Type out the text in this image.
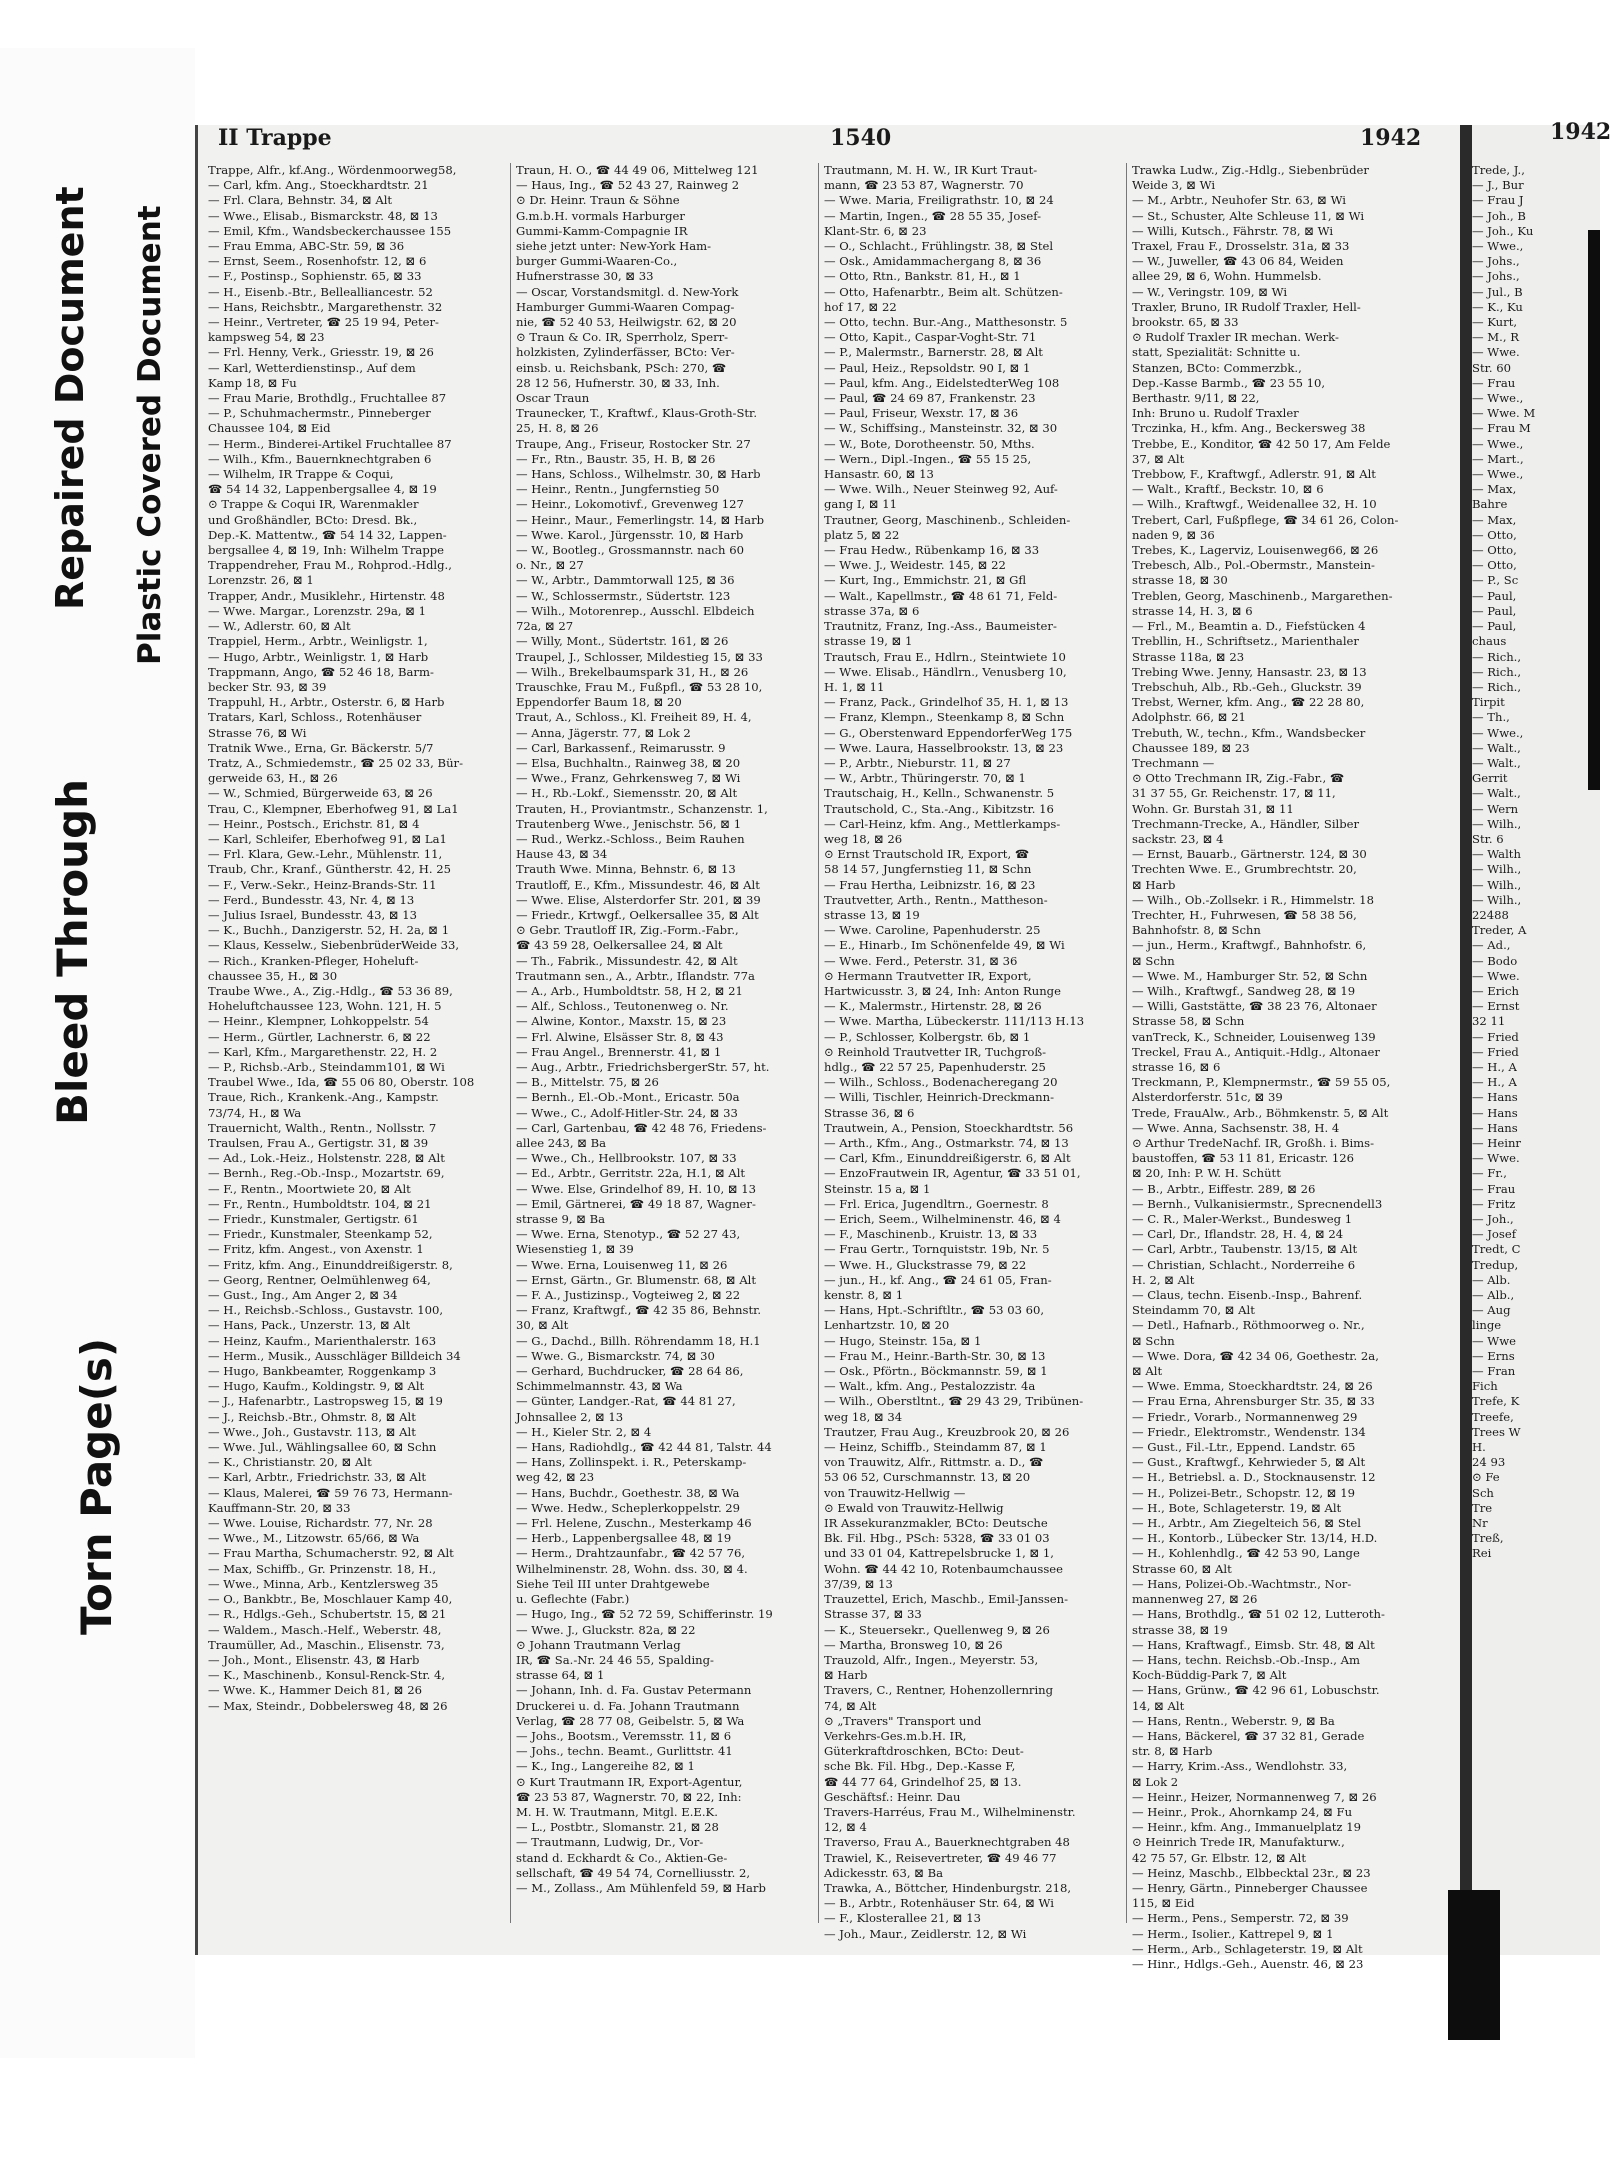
Torn Page(s)
Bleed Through
Repaired Document Plastic Covered Document
II Trappe	1540	1942

Trappe, Alfr., kf.Ang., Wördenmoorweg58,

— Carl, kfm. Ang., Stoeckhardtstr. 21

— Frl. Clara, Behnstr. 34, ⊠ Alt

— Wwe., Elisab., Bismarckstr. 48, ⊠ 13

— Emil, Kfm., Wandsbeckerchaussee 155

— Frau Emma, ABC-Str. 59, ⊠ 36

— Ernst, Seem., Rosenhofstr. 12, ⊠ 6

— F., Postinsp., Sophienstr. 65, ⊠ 33

— H., Eisenb.-Btr., Bellealliancestr. 52

— Hans, Reichsbtr., Margarethenstr. 32

— Heinr., Vertreter, ☎ 25 19 94, Peter-

kampsweg 54, ⊠ 23

— Frl. Henny, Verk., Griesstr. 19, ⊠ 26

— Karl, Wetterdienstinsp., Auf dem

Kamp 18, ⊠ Fu

— Frau Marie, Brothdlg., Fruchtallee 87

— P., Schuhmachermstr., Pinneberger

Chaussee 104, ⊠ Eid

— Herm., Binderei-Artikel Fruchtallee 87

— Wilh., Kfm., Bauernknechtgraben 6

— Wilhelm, IR Trappe & Coqui,

☎ 54 14 32, Lappenbergsallee 4, ⊠ 19

⊙ Trappe & Coqui IR, Warenmakler

und Großhändler, BCto: Dresd. Bk.,

Dep.-K. Mattentw., ☎ 54 14 32, Lappen-

bergsallee 4, ⊠ 19, Inh: Wilhelm Trappe

Trappendreher, Frau M., Rohprod.-Hdlg.,

Lorenzstr. 26, ⊠ 1

Trapper, Andr., Musiklehr., Hirtenstr. 48

— Wwe. Margar., Lorenzstr. 29a, ⊠ 1

— W., Adlerstr. 60, ⊠ Alt

Trappiel, Herm., Arbtr., Weinligstr. 1,

— Hugo, Arbtr., Weinligstr. 1, ⊠ Harb

Trappmann, Ango, ☎ 52 46 18, Barm-

becker Str. 93, ⊠ 39

Trappuhl, H., Arbtr., Osterstr. 6, ⊠ Harb

Tratars, Karl, Schloss., Rotenhäuser

Strasse 76, ⊠ Wi

Tratnik Wwe., Erna, Gr. Bäckerstr. 5/7

Tratz, A., Schmiedemstr., ☎ 25 02 33, Bür-

gerweide 63, H., ⊠ 26

— W., Schmied, Bürgerweide 63, ⊠ 26

Trau, C., Klempner, Eberhofweg 91, ⊠ La1

— Heinr., Postsch., Erichstr. 81, ⊠ 4

— Karl, Schleifer, Eberhofweg 91, ⊠ La1

— Frl. Klara, Gew.-Lehr., Mühlenstr. 11,

Traub, Chr., Kranf., Güntherstr. 42, H. 25

— F., Verw.-Sekr., Heinz-Brands-Str. 11

— Ferd., Bundesstr. 43, Nr. 4, ⊠ 13

— Julius Israel, Bundesstr. 43, ⊠ 13

— K., Buchh., Danzigerstr. 52, H. 2a, ⊠ 1

— Klaus, Kesselw., SiebenbrüderWeide 33,

— Rich., Kranken-Pfleger, Hoheluft-

chaussee 35, H., ⊠ 30

Traube Wwe., A., Zig.-Hdlg., ☎ 53 36 89,

Hoheluftchaussee 123, Wohn. 121, H. 5

— Heinr., Klempner, Lohkoppelstr. 54

— Herm., Gürtler, Lachnerstr. 6, ⊠ 22

— Karl, Kfm., Margarethenstr. 22, H. 2

— P., Richsb.-Arb., Steindamm101, ⊠ Wi

Traubel Wwe., Ida, ☎ 55 06 80, Oberstr. 108

Traue, Rich., Krankenk.-Ang., Kampstr.

73/74, H., ⊠ Wa

Trauernicht, Walth., Rentn., Nollsstr. 7

Traulsen, Frau A., Gertigstr. 31, ⊠ 39

— Ad., Lok.-Heiz., Holstenstr. 228, ⊠ Alt

— Bernh., Reg.-Ob.-Insp., Mozartstr. 69,

— F., Rentn., Moortwiete 20, ⊠ Alt

— Fr., Rentn., Humboldtstr. 104, ⊠ 21

— Friedr., Kunstmaler, Gertigstr. 61

— Friedr., Kunstmaler, Steenkamp 52,

— Fritz, kfm. Angest., von Axenstr. 1

— Fritz, kfm. Ang., Einunddreißigerstr. 8,

— Georg, Rentner, Oelmühlenweg 64,

— Gust., Ing., Am Anger 2, ⊠ 34

— H., Reichsb.-Schloss., Gustavstr. 100,

— Hans, Pack., Unzerstr. 13, ⊠ Alt

— Heinz, Kaufm., Marienthalerstr. 163

— Herm., Musik., Ausschläger Billdeich 34

— Hugo, Bankbeamter, Roggenkamp 3

— Hugo, Kaufm., Koldingstr. 9, ⊠ Alt

— J., Hafenarbtr., Lastropsweg 15, ⊠ 19

— J., Reichsb.-Btr., Ohmstr. 8, ⊠ Alt

— Wwe., Joh., Gustavstr. 113, ⊠ Alt

— Wwe. Jul., Wählingsallee 60, ⊠ Schn

— K., Christianstr. 20, ⊠ Alt

— Karl, Arbtr., Friedrichstr. 33, ⊠ Alt

— Klaus, Malerei, ☎ 59 76 73, Hermann-

Kauffmann-Str. 20, ⊠ 33

— Wwe. Louise, Richardstr. 77, Nr. 28

— Wwe., M., Litzowstr. 65/66, ⊠ Wa

— Frau Martha, Schumacherstr. 92, ⊠ Alt

— Max, Schiffb., Gr. Prinzenstr. 18, H.,

— Wwe., Minna, Arb., Kentzlersweg 35

— O., Bankbtr., Be, Moschlauer Kamp 40,

— R., Hdlgs.-Geh., Schubertstr. 15, ⊠ 21

— Waldem., Masch.-Helf., Weberstr. 48,

Traumüller, Ad., Maschin., Elisenstr. 73,

— Joh., Mont., Elisenstr. 43, ⊠ Harb

— K., Maschinenb., Konsul-Renck-Str. 4,

— Wwe. K., Hammer Deich 81, ⊠ 26

— Max, Steindr., Dobbelersweg 48, ⊠ 26

Traun, H. O., ☎ 44 49 06, Mittelweg 121

— Haus, Ing., ☎ 52 43 27, Rainweg 2

⊙ Dr. Heinr. Traun & Söhne

G.m.b.H. vormals Harburger

Gummi-Kamm-Compagnie IR

siehe jetzt unter: New-York Ham-

burger Gummi-Waaren-Co.,

Hufnerstrasse 30, ⊠ 33

— Oscar, Vorstandsmitgl. d. New-York

Hamburger Gummi-Waaren Compag-

nie, ☎ 52 40 53, Heilwigstr. 62, ⊠ 20

⊙ Traun & Co. IR, Sperrholz, Sperr-

holzkisten, Zylinderfässer, BCto: Ver-

einsb. u. Reichsbank, PSch: 270, ☎

28 12 56, Hufnerstr. 30, ⊠ 33, Inh.

Oscar Traun

Traunecker, T., Kraftwf., Klaus-Groth-Str.

25, H. 8, ⊠ 26

Traupe, Ang., Friseur, Rostocker Str. 27

— Fr., Rtn., Baustr. 35, H. B, ⊠ 26

— Hans, Schloss., Wilhelmstr. 30, ⊠ Harb

— Heinr., Rentn., Jungfernstieg 50

— Heinr., Lokomotivf., Grevenweg 127

— Heinr., Maur., Femerlingstr. 14, ⊠ Harb

— Wwe. Karol., Jürgensstr. 10, ⊠ Harb

— W., Bootleg., Grossmannstr. nach 60

o. Nr., ⊠ 27

— W., Arbtr., Dammtorwall 125, ⊠ 36

— W., Schlossermstr., Südertstr. 123

— Wilh., Motorenrep., Ausschl. Elbdeich

72a, ⊠ 27

— Willy, Mont., Südertstr. 161, ⊠ 26

Traupel, J., Schlosser, Mildestieg 15, ⊠ 33

— Wilh., Brekelbaumspark 31, H., ⊠ 26

Trauschke, Frau M., Fußpfl., ☎ 53 28 10,

Eppendorfer Baum 18, ⊠ 20

Traut, A., Schloss., Kl. Freiheit 89, H. 4,

— Anna, Jägerstr. 77, ⊠ Lok 2

— Carl, Barkassenf., Reimarusstr. 9

— Elsa, Buchhaltn., Rainweg 38, ⊠ 20

— Wwe., Franz, Gehrkensweg 7, ⊠ Wi

— H., Rb.-Lokf., Siemensstr. 20, ⊠ Alt

Trauten, H., Proviantmstr., Schanzenstr. 1,

Trautenberg Wwe., Jenischstr. 56, ⊠ 1

— Rud., Werkz.-Schloss., Beim Rauhen

Hause 43, ⊠ 34

Trauth Wwe. Minna, Behnstr. 6, ⊠ 13

Trautloff, E., Kfm., Missundestr. 46, ⊠ Alt

— Wwe. Elise, Alsterdorfer Str. 201, ⊠ 39

— Friedr., Krtwgf., Oelkersallee 35, ⊠ Alt

⊙ Gebr. Trautloff IR, Zig.-Form.-Fabr.,

☎ 43 59 28, Oelkersallee 24, ⊠ Alt

— Th., Fabrik., Missundestr. 42, ⊠ Alt

Trautmann sen., A., Arbtr., Iflandstr. 77a

— A., Arb., Humboldtstr. 58, H 2, ⊠ 21

— Alf., Schloss., Teutonenweg o. Nr.

— Alwine, Kontor., Maxstr. 15, ⊠ 23

— Frl. Alwine, Elsässer Str. 8, ⊠ 43

— Frau Angel., Brennerstr. 41, ⊠ 1

— Aug., Arbtr., FriedrichsbergerStr. 57, ht.

— B., Mittelstr. 75, ⊠ 26

— Bernh., El.-Ob.-Mont., Ericastr. 50a

— Wwe., C., Adolf-Hitler-Str. 24, ⊠ 33

— Carl, Gartenbau, ☎ 42 48 76, Friedens-

allee 243, ⊠ Ba

— Wwe., Ch., Hellbrookstr. 107, ⊠ 33

— Ed., Arbtr., Gerritstr. 22a, H.1, ⊠ Alt

— Wwe. Else, Grindelhof 89, H. 10, ⊠ 13

— Emil, Gärtnerei, ☎ 49 18 87, Wagner-

strasse 9, ⊠ Ba

— Wwe. Erna, Stenotyp., ☎ 52 27 43,

Wiesenstieg 1, ⊠ 39

— Wwe. Erna, Louisenweg 11, ⊠ 26

— Ernst, Gärtn., Gr. Blumenstr. 68, ⊠ Alt

— F. A., Justizinsp., Vogteiweg 2, ⊠ 22

— Franz, Kraftwgf., ☎ 42 35 86, Behnstr.

30, ⊠ Alt

— G., Dachd., Billh. Röhrendamm 18, H.1

— Wwe. G., Bismarckstr. 74, ⊠ 30

— Gerhard, Buchdrucker, ☎ 28 64 86,

Schimmelmannstr. 43, ⊠ Wa

— Günter, Landger.-Rat, ☎ 44 81 27,

Johnsallee 2, ⊠ 13

— H., Kieler Str. 2, ⊠ 4

— Hans, Radiohdlg., ☎ 42 44 81, Talstr. 44

— Hans, Zollinspekt. i. R., Peterskamp-

weg 42, ⊠ 23

— Hans, Buchdr., Goethestr. 38, ⊠ Wa

— Wwe. Hedw., Scheplerkoppelstr. 29

— Frl. Helene, Zuschn., Mesterkamp 46

— Herb., Lappenbergsallee 48, ⊠ 19

— Herm., Drahtzaunfabr., ☎ 42 57 76,

Wilhelminenstr. 28, Wohn. dss. 30, ⊠ 4.

Siehe Teil III unter Drahtgewebe

u. Geflechte (Fabr.)

— Hugo, Ing., ☎ 52 72 59, Schifferinstr. 19

— Wwe. J., Gluckstr. 82a, ⊠ 22

⊙ Johann Trautmann Verlag

IR, ☎ Sa.-Nr. 24 46 55, Spalding-

strasse 64, ⊠ 1

— Johann, Inh. d. Fa. Gustav Petermann

Druckerei u. d. Fa. Johann Trautmann

Verlag, ☎ 28 77 08, Geibelstr. 5, ⊠ Wa

— Johs., Bootsm., Veremsstr. 11, ⊠ 6

— Johs., techn. Beamt., Gurlittstr. 41

— K., Ing., Langereihe 82, ⊠ 1

⊙ Kurt Trautmann IR, Export-Agentur,

☎ 23 53 87, Wagnerstr. 70, ⊠ 22, Inh:

M. H. W. Trautmann, Mitgl. E.E.K.

— L., Postbtr., Slomanstr. 21, ⊠ 28

— Trautmann, Ludwig, Dr., Vor-

stand d. Eckhardt & Co., Aktien-Ge-

sellschaft, ☎ 49 54 74, Cornelliusstr. 2,

— M., Zollass., Am Mühlenfeld 59, ⊠ Harb

Trautmann, M. H. W., IR Kurt Traut-

mann, ☎ 23 53 87, Wagnerstr. 70

— Wwe. Maria, Freiligrathstr. 10, ⊠ 24

— Martin, Ingen., ☎ 28 55 35, Josef-

Klant-Str. 6, ⊠ 23

— O., Schlacht., Frühlingstr. 38, ⊠ Stel

— Osk., Amidammachergang 8, ⊠ 36

— Otto, Rtn., Bankstr. 81, H., ⊠ 1

— Otto, Hafenarbtr., Beim alt. Schützen-

hof 17, ⊠ 22

— Otto, techn. Bur.-Ang., Matthesonstr. 5

— Otto, Kapit., Caspar-Voght-Str. 71

— P., Malermstr., Barnerstr. 28, ⊠ Alt

— Paul, Heiz., Repsoldstr. 90 I, ⊠ 1

— Paul, kfm. Ang., EidelstedterWeg 108

— Paul, ☎ 24 69 87, Frankenstr. 23

— Paul, Friseur, Wexstr. 17, ⊠ 36

— W., Schiffsing., Mansteinstr. 32, ⊠ 30

— W., Bote, Dorotheenstr. 50, Mths.

— Wern., Dipl.-Ingen., ☎ 55 15 25,

Hansastr. 60, ⊠ 13

— Wwe. Wilh., Neuer Steinweg 92, Auf-

gang I, ⊠ 11

Trautner, Georg, Maschinenb., Schleiden-

platz 5, ⊠ 22

— Frau Hedw., Rübenkamp 16, ⊠ 33

— Wwe. J., Weidestr. 145, ⊠ 22

— Kurt, Ing., Emmichstr. 21, ⊠ Gfl

— Walt., Kapellmstr., ☎ 48 61 71, Feld-

strasse 37a, ⊠ 6

Trautnitz, Franz, Ing.-Ass., Baumeister-

strasse 19, ⊠ 1

Trautsch, Frau E., Hdlrn., Steintwiete 10

— Wwe. Elisab., Händlrn., Venusberg 10,

H. 1, ⊠ 11

— Franz, Pack., Grindelhof 35, H. 1, ⊠ 13

— Franz, Klempn., Steenkamp 8, ⊠ Schn

— G., Oberstenward EppendorferWeg 175

— Wwe. Laura, Hasselbrookstr. 13, ⊠ 23

— P., Arbtr., Nieburstr. 11, ⊠ 27

— W., Arbtr., Thüringerstr. 70, ⊠ 1

Trautschaig, H., Kelln., Schwanenstr. 5

Trautschold, C., Sta.-Ang., Kibitzstr. 16

— Carl-Heinz, kfm. Ang., Mettlerkamps-

weg 18, ⊠ 26

⊙ Ernst Trautschold IR, Export, ☎

58 14 57, Jungfernstieg 11, ⊠ Schn

— Frau Hertha, Leibnizstr. 16, ⊠ 23

Trautvetter, Arth., Rentn., Mattheson-

strasse 13, ⊠ 19

— Wwe. Caroline, Papenhuderstr. 25

— E., Hinarb., Im Schönenfelde 49, ⊠ Wi

— Wwe. Ferd., Peterstr. 31, ⊠ 36

⊙ Hermann Trautvetter IR, Export,

Hartwicusstr. 3, ⊠ 24, Inh: Anton Runge

— K., Malermstr., Hirtenstr. 28, ⊠ 26

— Wwe. Martha, Lübeckerstr. 111/113 H.13

— P., Schlosser, Kolbergstr. 6b, ⊠ 1

⊙ Reinhold Trautvetter IR, Tuchgroß-

hdlg., ☎ 22 57 25, Papenhuderstr. 25

— Wilh., Schloss., Bodenacheregang 20

— Willi, Tischler, Heinrich-Dreckmann-

Strasse 36, ⊠ 6

Trautwein, A., Pension, Stoeckhardtstr. 56

— Arth., Kfm., Ang., Ostmarkstr. 74, ⊠ 13

— Carl, Kfm., Einunddreißigerstr. 6, ⊠ Alt

— EnzoFrautwein IR, Agentur, ☎ 33 51 01,

Steinstr. 15 a, ⊠ 1

— Frl. Erica, Jugendltrn., Goernestr. 8

— Erich, Seem., Wilhelminenstr. 46, ⊠ 4

— F., Maschinenb., Kruistr. 13, ⊠ 33

— Frau Gertr., Tornquiststr. 19b, Nr. 5

— Wwe. H., Gluckstrasse 79, ⊠ 22

— jun., H., kf. Ang., ☎ 24 61 05, Fran-

kenstr. 8, ⊠ 1

— Hans, Hpt.-Schriftltr., ☎ 53 03 60,

Lenhartzstr. 10, ⊠ 20

— Hugo, Steinstr. 15a, ⊠ 1

— Frau M., Heinr.-Barth-Str. 30, ⊠ 13

— Osk., Pförtn., Böckmannstr. 59, ⊠ 1

— Walt., kfm. Ang., Pestalozzistr. 4a

— Wilh., Oberstltnt., ☎ 29 43 29, Tribünen-

weg 18, ⊠ 34

Trautzer, Frau Aug., Kreuzbrook 20, ⊠ 26

— Heinz, Schiffb., Steindamm 87, ⊠ 1

von Trauwitz, Alfr., Rittmstr. a. D., ☎

53 06 52, Curschmannstr. 13, ⊠ 20

von Trauwitz-Hellwig —

⊙ Ewald von Trauwitz-Hellwig

IR Assekuranzmakler, BCto: Deutsche

Bk. Fil. Hbg., PSch: 5328, ☎ 33 01 03

und 33 01 04, Kattrepelsbrucke 1, ⊠ 1,

Wohn. ☎ 44 42 10, Rotenbaumchaussee

37/39, ⊠ 13

Trauzettel, Erich, Maschb., Emil-Janssen-

Strasse 37, ⊠ 33

— K., Steuersekr., Quellenweg 9, ⊠ 26

— Martha, Bronsweg 10, ⊠ 26

Trauzold, Alfr., Ingen., Meyerstr. 53,

⊠ Harb

Travers, C., Rentner, Hohenzollernring

74, ⊠ Alt

⊙ „Travers" Transport und

Verkehrs-Ges.m.b.H. IR,

Güterkraftdroschken, BCto: Deut-

sche Bk. Fil. Hbg., Dep.-Kasse F,

☎ 44 77 64, Grindelhof 25, ⊠ 13.

Geschäftsf.: Heinr. Dau

Travers-Harréus, Frau M., Wilhelminenstr.

12, ⊠ 4

Traverso, Frau A., Bauerknechtgraben 48

Trawiel, K., Reisevertreter, ☎ 49 46 77

Adickesstr. 63, ⊠ Ba

Trawka, A., Böttcher, Hindenburgstr. 218,

— B., Arbtr., Rotenhäuser Str. 64, ⊠ Wi

— F., Klosterallee 21, ⊠ 13

— Joh., Maur., Zeidlerstr. 12, ⊠ Wi

Trawka Ludw., Zig.-Hdlg., Siebenbrüder

Weide 3, ⊠ Wi

— M., Arbtr., Neuhofer Str. 63, ⊠ Wi

— St., Schuster, Alte Schleuse 11, ⊠ Wi

— Willi, Kutsch., Fährstr. 78, ⊠ Wi

Traxel, Frau F., Drosselstr. 31a, ⊠ 33

— W., Juweller, ☎ 43 06 84, Weiden

allee 29, ⊠ 6, Wohn. Hummelsb.

— W., Veringstr. 109, ⊠ Wi

Traxler, Bruno, IR Rudolf Traxler, Hell-

brookstr. 65, ⊠ 33

⊙ Rudolf Traxler IR mechan. Werk-

statt, Spezialität: Schnitte u.

Stanzen, BCto: Commerzbk.,

Dep.-Kasse Barmb., ☎ 23 55 10,

Berthastr. 9/11, ⊠ 22,

Inh: Bruno u. Rudolf Traxler

Trczinka, H., kfm. Ang., Beckersweg 38

Trebbe, E., Konditor, ☎ 42 50 17, Am Felde

37, ⊠ Alt

Trebbow, F., Kraftwgf., Adlerstr. 91, ⊠ Alt

— Walt., Kraftf., Beckstr. 10, ⊠ 6

— Wilh., Kraftwgf., Weidenallee 32, H. 10

Trebert, Carl, Fußpflege, ☎ 34 61 26, Colon-

naden 9, ⊠ 36

Trebes, K., Lagerviz, Louisenweg66, ⊠ 26

Trebesch, Alb., Pol.-Obermstr., Manstein-

strasse 18, ⊠ 30

Treblen, Georg, Maschinenb., Margarethen-

strasse 14, H. 3, ⊠ 6

— Frl., M., Beamtin a. D., Fiefstücken 4

Trebllin, H., Schriftsetz., Marienthaler

Strasse 118a, ⊠ 23

Trebing Wwe. Jenny, Hansastr. 23, ⊠ 13

Trebschuh, Alb., Rb.-Geh., Gluckstr. 39

Trebst, Werner, kfm. Ang., ☎ 22 28 80,

Adolphstr. 66, ⊠ 21

Trebuth, W., techn., Kfm., Wandsbecker

Chaussee 189, ⊠ 23

Trechmann —

⊙ Otto Trechmann IR, Zig.-Fabr., ☎

31 37 55, Gr. Reichenstr. 17, ⊠ 11,

Wohn. Gr. Burstah 31, ⊠ 11

Trechmann-Trecke, A., Händler, Silber

sackstr. 23, ⊠ 4

— Ernst, Bauarb., Gärtnerstr. 124, ⊠ 30

Trechten Wwe. E., Grumbrechtstr. 20,

⊠ Harb

— Wilh., Ob.-Zollsekr. i R., Himmelstr. 18

Trechter, H., Fuhrwesen, ☎ 58 38 56,

Bahnhofstr. 8, ⊠ Schn

— jun., Herm., Kraftwgf., Bahnhofstr. 6,

⊠ Schn

— Wwe. M., Hamburger Str. 52, ⊠ Schn

— Wilh., Kraftwgf., Sandweg 28, ⊠ 19

— Willi, Gaststätte, ☎ 38 23 76, Altonaer

Strasse 58, ⊠ Schn

vanTreck, K., Schneider, Louisenweg 139

Treckel, Frau A., Antiquit.-Hdlg., Altonaer

strasse 16, ⊠ 6

Treckmann, P., Klempnermstr., ☎ 59 55 05,

Alsterdorferstr. 51c, ⊠ 39

Trede, FrauAlw., Arb., Böhmkenstr. 5, ⊠ Alt

— Wwe. Anna, Sachsenstr. 38, H. 4

⊙ Arthur TredeNachf. IR, Großh. i. Bims-

baustoffen, ☎ 53 11 81, Ericastr. 126

⊠ 20, Inh: P. W. H. Schütt

— B., Arbtr., Eiffestr. 289, ⊠ 26

— Bernh., Vulkanisiermstr., Sprecnendell3

— C. R., Maler-Werkst., Bundesweg 1

— Carl, Dr., Iflandstr. 28, H. 4, ⊠ 24

— Carl, Arbtr., Taubenstr. 13/15, ⊠ Alt

— Christian, Schlacht., Norderreihe 6

H. 2, ⊠ Alt

— Claus, techn. Eisenb.-Insp., Bahrenf.

Steindamm 70, ⊠ Alt

— Detl., Hafnarb., Röthmoorweg o. Nr.,

⊠ Schn

— Wwe. Dora, ☎ 42 34 06, Goethestr. 2a,

⊠ Alt

— Wwe. Emma, Stoeckhardtstr. 24, ⊠ 26

— Frau Erna, Ahrensburger Str. 35, ⊠ 33

— Friedr., Vorarb., Normannenweg 29

— Friedr., Elektromstr., Wendenstr. 134

— Gust., Fil.-Ltr., Eppend. Landstr. 65

— Gust., Kraftwgf., Kehrwieder 5, ⊠ Alt

— H., Betriebsl. a. D., Stocknausenstr. 12

— H., Polizei-Betr., Schopstr. 12, ⊠ 19

— H., Bote, Schlageterstr. 19, ⊠ Alt

— H., Arbtr., Am Ziegelteich 56, ⊠ Stel

— H., Kontorb., Lübecker Str. 13/14, H.D.

— H., Kohlenhdlg., ☎ 42 53 90, Lange

Strasse 60, ⊠ Alt

— Hans, Polizei-Ob.-Wachtmstr., Nor-

mannenweg 27, ⊠ 26

— Hans, Brothdlg., ☎ 51 02 12, Lutteroth-

strasse 38, ⊠ 19

— Hans, Kraftwagf., Eimsb. Str. 48, ⊠ Alt

— Hans, techn. Reichsb.-Ob.-Insp., Am

Koch-Büddig-Park 7, ⊠ Alt

— Hans, Grünw., ☎ 42 96 61, Lobuschstr.

14, ⊠ Alt

— Hans, Rentn., Weberstr. 9, ⊠ Ba

— Hans, Bäckerel, ☎ 37 32 81, Gerade

str. 8, ⊠ Harb

— Harry, Krim.-Ass., Wendlohstr. 33,

⊠ Lok 2

— Heinr., Heizer, Normannenweg 7, ⊠ 26

— Heinr., Prok., Ahornkamp 24, ⊠ Fu

— Heinr., kfm. Ang., Immanuelplatz 19

⊙ Heinrich Trede IR, Manufakturw.,

42 75 57, Gr. Elbstr. 12, ⊠ Alt

— Heinz, Maschb., Elbbecktal 23r., ⊠ 23

— Henry, Gärtn., Pinneberger Chaussee

115, ⊠ Eid

— Herm., Pens., Semperstr. 72, ⊠ 39

— Herm., Isolier., Kattrepel 9, ⊠ 1

— Herm., Arb., Schlageterstr. 19, ⊠ Alt

— Hinr., Hdlgs.-Geh., Auenstr. 46, ⊠ 23

1942

Trede, J.,

— J., Bur

— Frau J

— Joh., B

— Joh., Ku

— Wwe.,

— Johs.,

— Johs.,

— Jul., B

— K., Ku

— Kurt,

— M., R

— Wwe.

Str. 60

— Frau

— Wwe.,

— Wwe. M

— Frau M

— Wwe.,

— Mart.,

— Wwe.,

— Max,

Bahre

— Max,

— Otto,

— Otto,

— Otto,

— P., Sc

— Paul,

— Paul,

— Paul,

chaus

— Rich.,

— Rich.,

— Rich.,

Tirpit

— Th.,

— Wwe.,

— Walt.,

— Walt.,

Gerrit

— Walt.,

— Wern

— Wilh.,

Str. 6

— Walth

— Wilh.,

— Wilh.,

— Wilh.,

22488

Treder, A

— Ad.,

— Bodo

— Wwe.

— Erich

— Ernst

32 11

— Fried

— Fried

— H., A

— H., A

— Hans

— Hans

— Hans

— Heinr

— Wwe.

— Fr.,

— Frau

— Fritz

— Joh.,

— Josef

Tredt, C

Tredup,

— Alb.

— Alb.,

— Aug

linge

— Wwe

— Erns

— Fran

Fich

Trefe, K

Treefe,

Trees W

H.

24 93

⊙ Fe

Sch

Tre

Nr

Treß,

Rei
